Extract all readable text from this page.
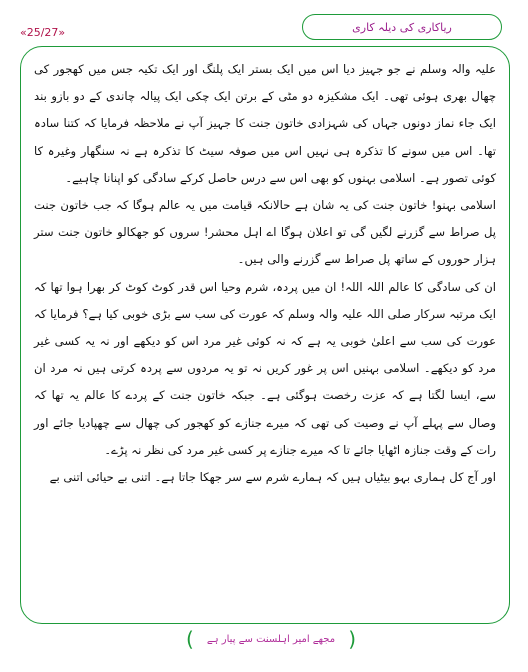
«25/27»	ریاکاری کی دیلہ کاری

علیہ والہ وسلم نے جو جہیز دیا اس میں ایک بستر ایک پلنگ اور ایک تکیہ جس میں کھجور کی چھال بھری ہوئی تھی۔ ایک مشکیزہ دو مٹی کے برتن ایک چکی ایک پیالہ چاندی کے دو بازو بند ایک جاء نماز دونوں جہاں کی شہزادی خاتون جنت کا جہیز آپ نے ملاحظہ فرمایا کہ کتنا سادہ تھا۔ اس میں سونے کا تذکرہ ہی نہیں اس میں صوفہ سیٹ کا تذکرہ ہے نہ سنگھار وغیرہ کا کوئی تصور ہے۔ اسلامی بہنوں کو بھی اس سے درس حاصل کرکے سادگی کو اپنانا چاہیے۔

اسلامی بہنو! خاتون جنت کی یہ شان ہے حالانکہ قیامت میں یہ عالم ہوگا کہ جب خاتون جنت پل صراط سے گزرنے لگیں گی تو اعلان ہوگا اے اہل محشر! سروں کو جھکالو خاتون جنت ستر ہزار حوروں کے ساتھ پل صراط سے گزرنے والی ہیں۔

ان کی سادگی کا عالم اللہ اللہ! ان میں پردہ، شرم وحیا اس قدر کوٹ کوٹ کر بھرا ہوا تھا کہ ایک مرتبہ سرکار صلی اللہ علیہ والہ وسلم کہ عورت کی سب سے بڑی خوبی کیا ہے؟ فرمایا کہ عورت کی سب سے اعلیٰ خوبی یہ ہے کہ نہ کوئی غیر مرد اس کو دیکھے اور نہ یہ کسی غیر مرد کو دیکھے۔ اسلامی بہنیں اس پر غور کریں نہ تو یہ مردوں سے پردہ کرتی ہیں نہ مرد ان سے، ایسا لگتا ہے کہ عزت رخصت ہوگئی ہے۔ جبکہ خاتون جنت کے پردے کا عالم یہ تھا کہ وصال سے پہلے آپ نے وصیت کی تھی کہ میرے جنازے کو کھجور کی چھال سے چھپادیا جائے اور رات کے وقت جنازہ اٹھایا جائے تا کہ میرے جنازے پر کسی غیر مرد کی نظر نہ پڑے۔

اور آج کل ہماری بہو بیٹیاں ہیں کہ ہمارے شرم سے سر جھکا جاتا ہے۔ اتنی بے حیائی اتنی بے

( مجھے امیر اہلسنت سے پیار ہے )
